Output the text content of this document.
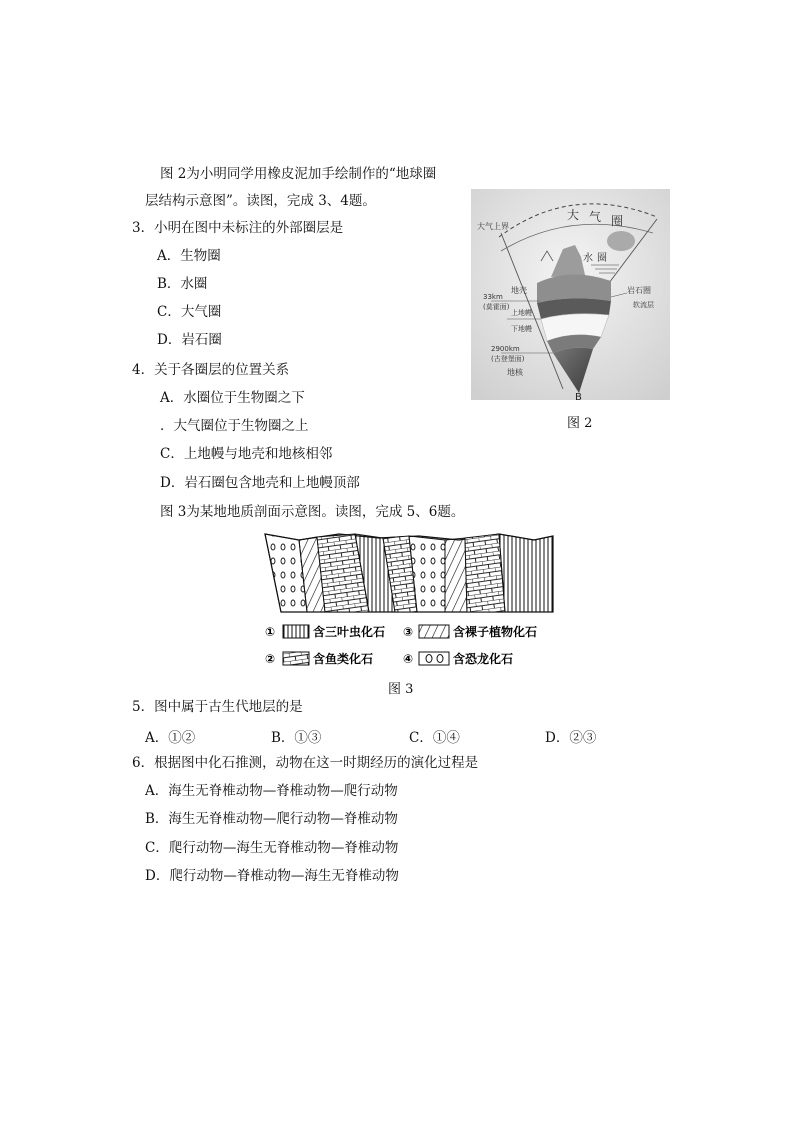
图 2为小明同学用橡皮泥加手绘制作的“地球圈
层结构示意图”。读图，完成 3、4题。
3．小明在图中未标注的外部圈层是
A．生物圈
B．水圈
C．大气圈
D．岩石圈
4．关于各圈层的位置关系
A．水圈位于生物圈之下
．大气圈位于生物圈之上
C．上地幔与地壳和地核相邻
D．岩石圈包含地壳和上地幔顶部
大气上界
大 气 圈
水 圈
地壳
33km
(莫霍面)
上地幔
下地幔
2900km
(古登堡面)
地核
岩石圈
软流层
B
图 2
图 3为某地地质剖面示意图。读图，完成 5、6题。
①	含三叶虫化石 ③	含裸子植物化石
②	含鱼类化石 ④	含恐龙化石
图 3
5．图中属于古生代地层的是
A．①②	B．①③	C．①④	D．②③
6．根据图中化石推测，动物在这一时期经历的演化过程是
A．海生无脊椎动物—脊椎动物—爬行动物
B．海生无脊椎动物—爬行动物—脊椎动物
C．爬行动物—海生无脊椎动物—脊椎动物
D．爬行动物—脊椎动物—海生无脊椎动物
